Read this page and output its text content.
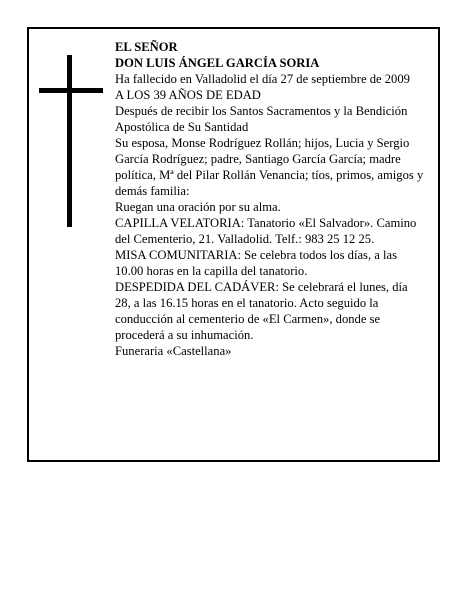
EL SEÑOR

DON LUIS ÁNGEL GARCÍA SORIA

Ha fallecido en Valladolid el día 27 de septiembre de 2009

A LOS 39 AÑOS DE EDAD

Después de recibir los Santos Sacramentos y la Bendición Apostólica de Su Santidad

Su esposa, Monse Rodríguez Rollán; hijos, Lucia y Sergio García Rodríguez; padre, Santiago García García; madre política, Mª del Pilar Rollán Venancia; tíos, primos, amigos y demás familia:

Ruegan una oración por su alma.

CAPILLA VELATORIA: Tanatorio «El Salvador». Camino del Cementerio, 21. Valladolid. Telf.: 983 25 12 25.

MISA COMUNITARIA: Se celebra todos los días, a las 10.00 horas en la capilla del tanatorio.

DESPEDIDA DEL CADÁVER: Se celebrará el lunes, día 28, a las 16.15 horas en el tanatorio. Acto seguido la conducción al cementerio de «El Carmen», donde se procederá a su inhumación.

Funeraria «Castellana»
